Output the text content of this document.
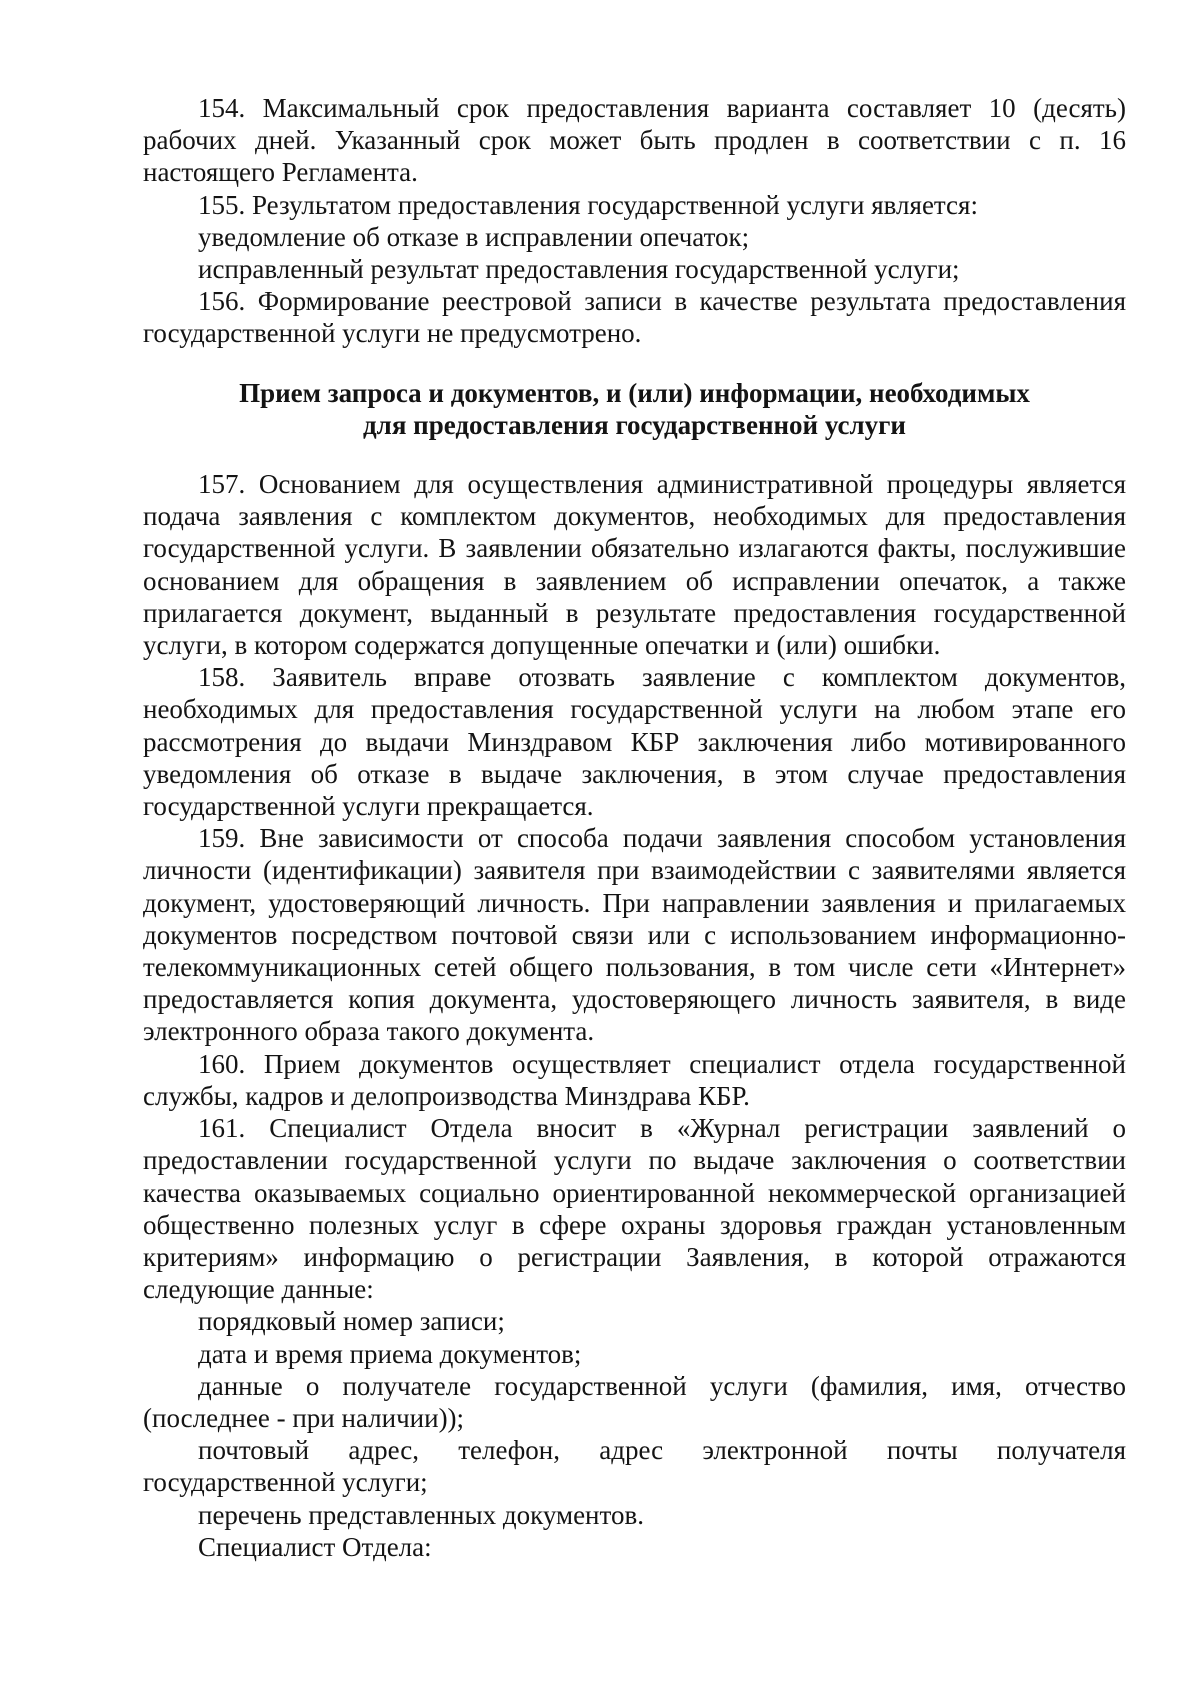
154. Максимальный срок предоставления варианта составляет 10 (десять) рабочих дней. Указанный срок может быть продлен в соответствии с п. 16 настоящего Регламента.

155. Результатом предоставления государственной услуги является:

уведомление об отказе в исправлении опечаток;

исправленный результат предоставления государственной услуги;

156. Формирование реестровой записи в качестве результата предоставления государственной услуги не предусмотрено.

Прием запроса и документов, и (или) информации, необходимых
для предоставления государственной услуги

157. Основанием для осуществления административной процедуры является подача заявления с комплектом документов, необходимых для предоставления государственной услуги. В заявлении обязательно излагаются факты, послужившие основанием для обращения в заявлением об исправлении опечаток, а также прилагается документ, выданный в результате предоставления государственной услуги, в котором содержатся допущенные опечатки и (или) ошибки.

158. Заявитель вправе отозвать заявление с комплектом документов, необходимых для предоставления государственной услуги на любом этапе его рассмотрения до выдачи Минздравом КБР заключения либо мотивированного уведомления об отказе в выдаче заключения, в этом случае предоставления государственной услуги прекращается.

159. Вне зависимости от способа подачи заявления способом установления личности (идентификации) заявителя при взаимодействии с заявителями является документ, удостоверяющий личность. При направлении заявления и прилагаемых документов посредством почтовой связи или с использованием информационно-телекоммуникационных сетей общего пользования, в том числе сети «Интернет» предоставляется копия документа, удостоверяющего личность заявителя, в виде электронного образа такого документа.

160. Прием документов осуществляет специалист отдела государственной службы, кадров и делопроизводства Минздрава КБР.

161. Специалист Отдела вносит в «Журнал регистрации заявлений о предоставлении государственной услуги по выдаче заключения о соответствии качества оказываемых социально ориентированной некоммерческой организацией общественно полезных услуг в сфере охраны здоровья граждан установленным критериям» информацию о регистрации Заявления, в которой отражаются следующие данные:

порядковый номер записи;

дата и время приема документов;

данные о получателе государственной услуги (фамилия, имя, отчество (последнее - при наличии));

почтовый адрес, телефон, адрес электронной почты получателя государственной услуги;

перечень представленных документов.

Специалист Отдела:
